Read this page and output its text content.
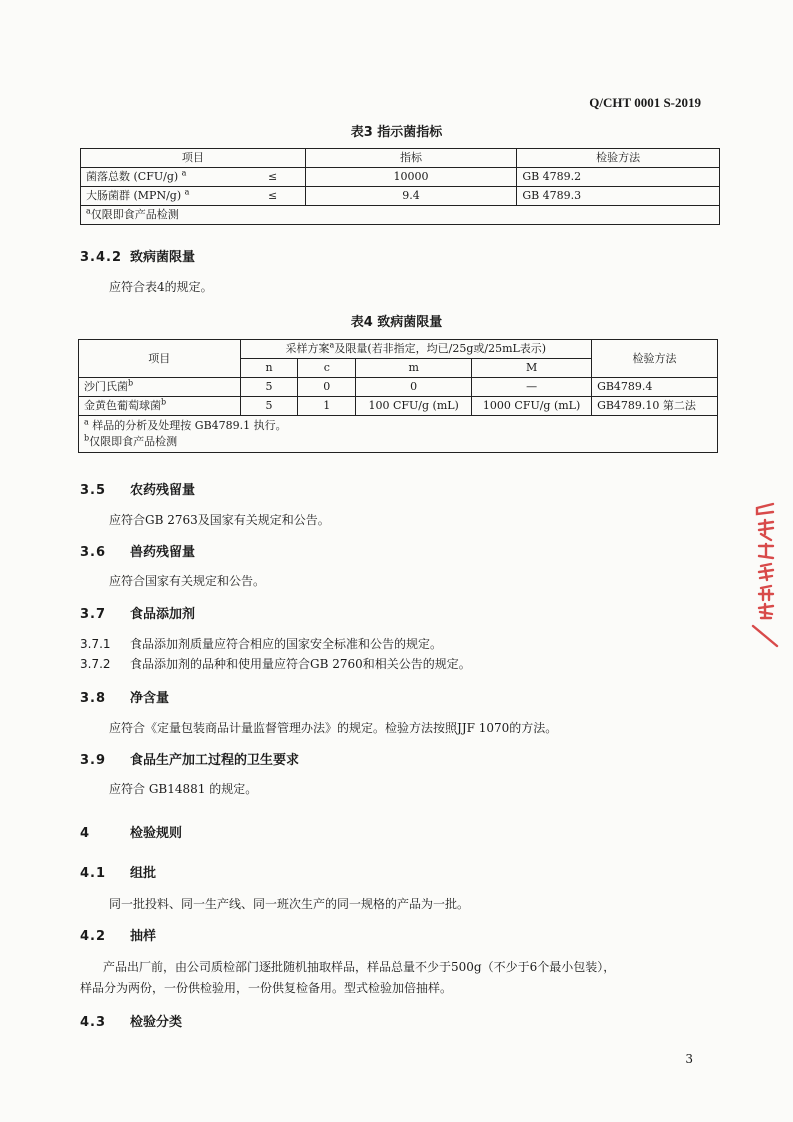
Q/CHT 0001 S-2019
表3 指示菌指标
项目		指标	检验方法
菌落总数 (CFU/g) $^a$	≤	10000	GB 4789.2
大肠菌群 (MPN/g) $^a$	≤	9.4	GB 4789.3
$^a$仅限即食产品检测			
3.4.2 致病菌限量
应符合表4的规定。
表4 致病菌限量
项目	采样方案$^a$及限量(若非指定，均已/25g或/25mL表示)				检验方法
	n	c	m	M	
沙门氏菌$^b$	5	0	0	—	GB4789.4
金黄色葡萄球菌$^b$	5	1	100 CFU/g (mL)	1000 CFU/g (mL)	GB4789.10 第二法

$^a$ 样品的分析及处理按 GB4789.1 执行。
$^b$仅限即食产品检测					
3.5 农药残留量
应符合GB 2763及国家有关规定和公告。
3.6 兽药残留量
应符合国家有关规定和公告。
3.7 食品添加剂
3.7.1 食品添加剂质量应符合相应的国家安全标准和公告的规定。
3.7.2 食品添加剂的品种和使用量应符合GB 2760和相关公告的规定。
3.8 净含量
应符合《定量包装商品计量监督管理办法》的规定。检验方法按照JJF 1070的方法。
3.9 食品生产加工过程的卫生要求
应符合 GB14881 的规定。
4	检验规则
4.1 组批
同一批投料、同一生产线、同一班次生产的同一规格的产品为一批。
4.2 抽样
产品出厂前，由公司质检部门逐批随机抽取样品，样品总量不少于500g（不少于6个最小包装），
样品分为两份，一份供检验用，一份供复检备用。型式检验加倍抽样。
4.3 检验分类
3
